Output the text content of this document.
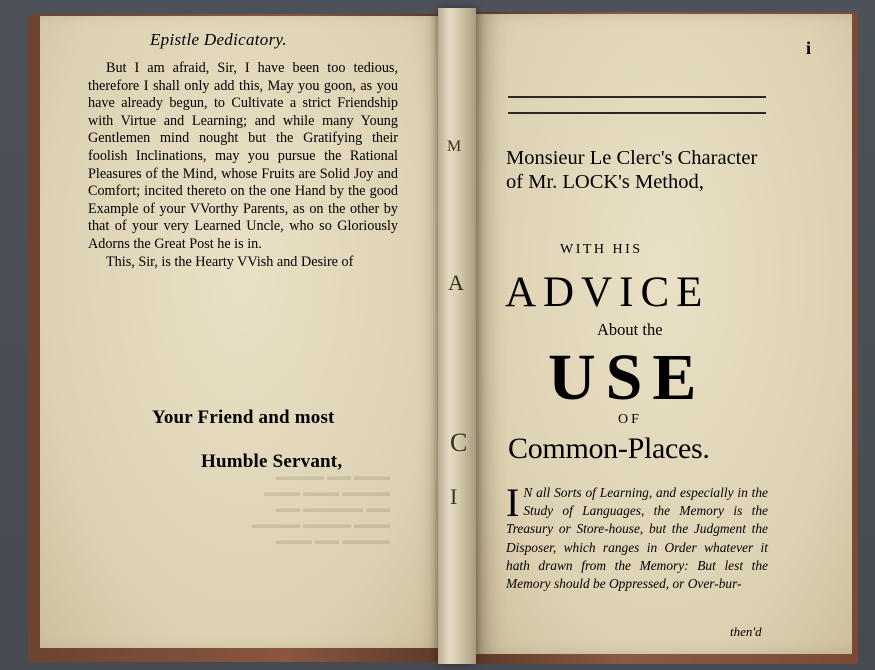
M
A
C
I
▬▬▬ ▬▬ ▬▬▬▬
▬▬▬▬ ▬▬▬ ▬▬▬
▬▬ ▬▬▬▬▬ ▬▬
▬▬▬ ▬▬▬▬ ▬▬▬▬
▬▬▬▬ ▬▬ ▬▬▬
Epistle Dedicatory.

But I am afraid, Sir, I have been too tedious, therefore I shall only add this, May you goon, as you have already begun, to Cultivate a strict Friendship with Virtue and Learning; and while many Young Gentlemen mind nought but the Gratifying their foolish Inclinations, may you pursue the Rational Pleasures of the Mind, whose Fruits are Solid Joy and Comfort; incited thereto on the one Hand by the good Example of your VVorthy Parents, as on the other by that of your very Learned Uncle, who so Gloriously Adorns the Great Post he is in.

This, Sir, is the Hearty VVish and Desire of

Your Friend and most
Humble Servant,
i
Monsieur Le Clerc's Character of Mr. LOCK's Method,
WITH HIS
ADVICE
About the
USE
OF
Common-Places.
I N all Sorts of Learning, and especially in the Study of Languages, the Memory is the Treasury or Store-house, but the Judgment the Disposer, which ranges in Order whatever it hath drawn from the Memory: But lest the Memory should be Oppressed, or Over-bur-
then'd
